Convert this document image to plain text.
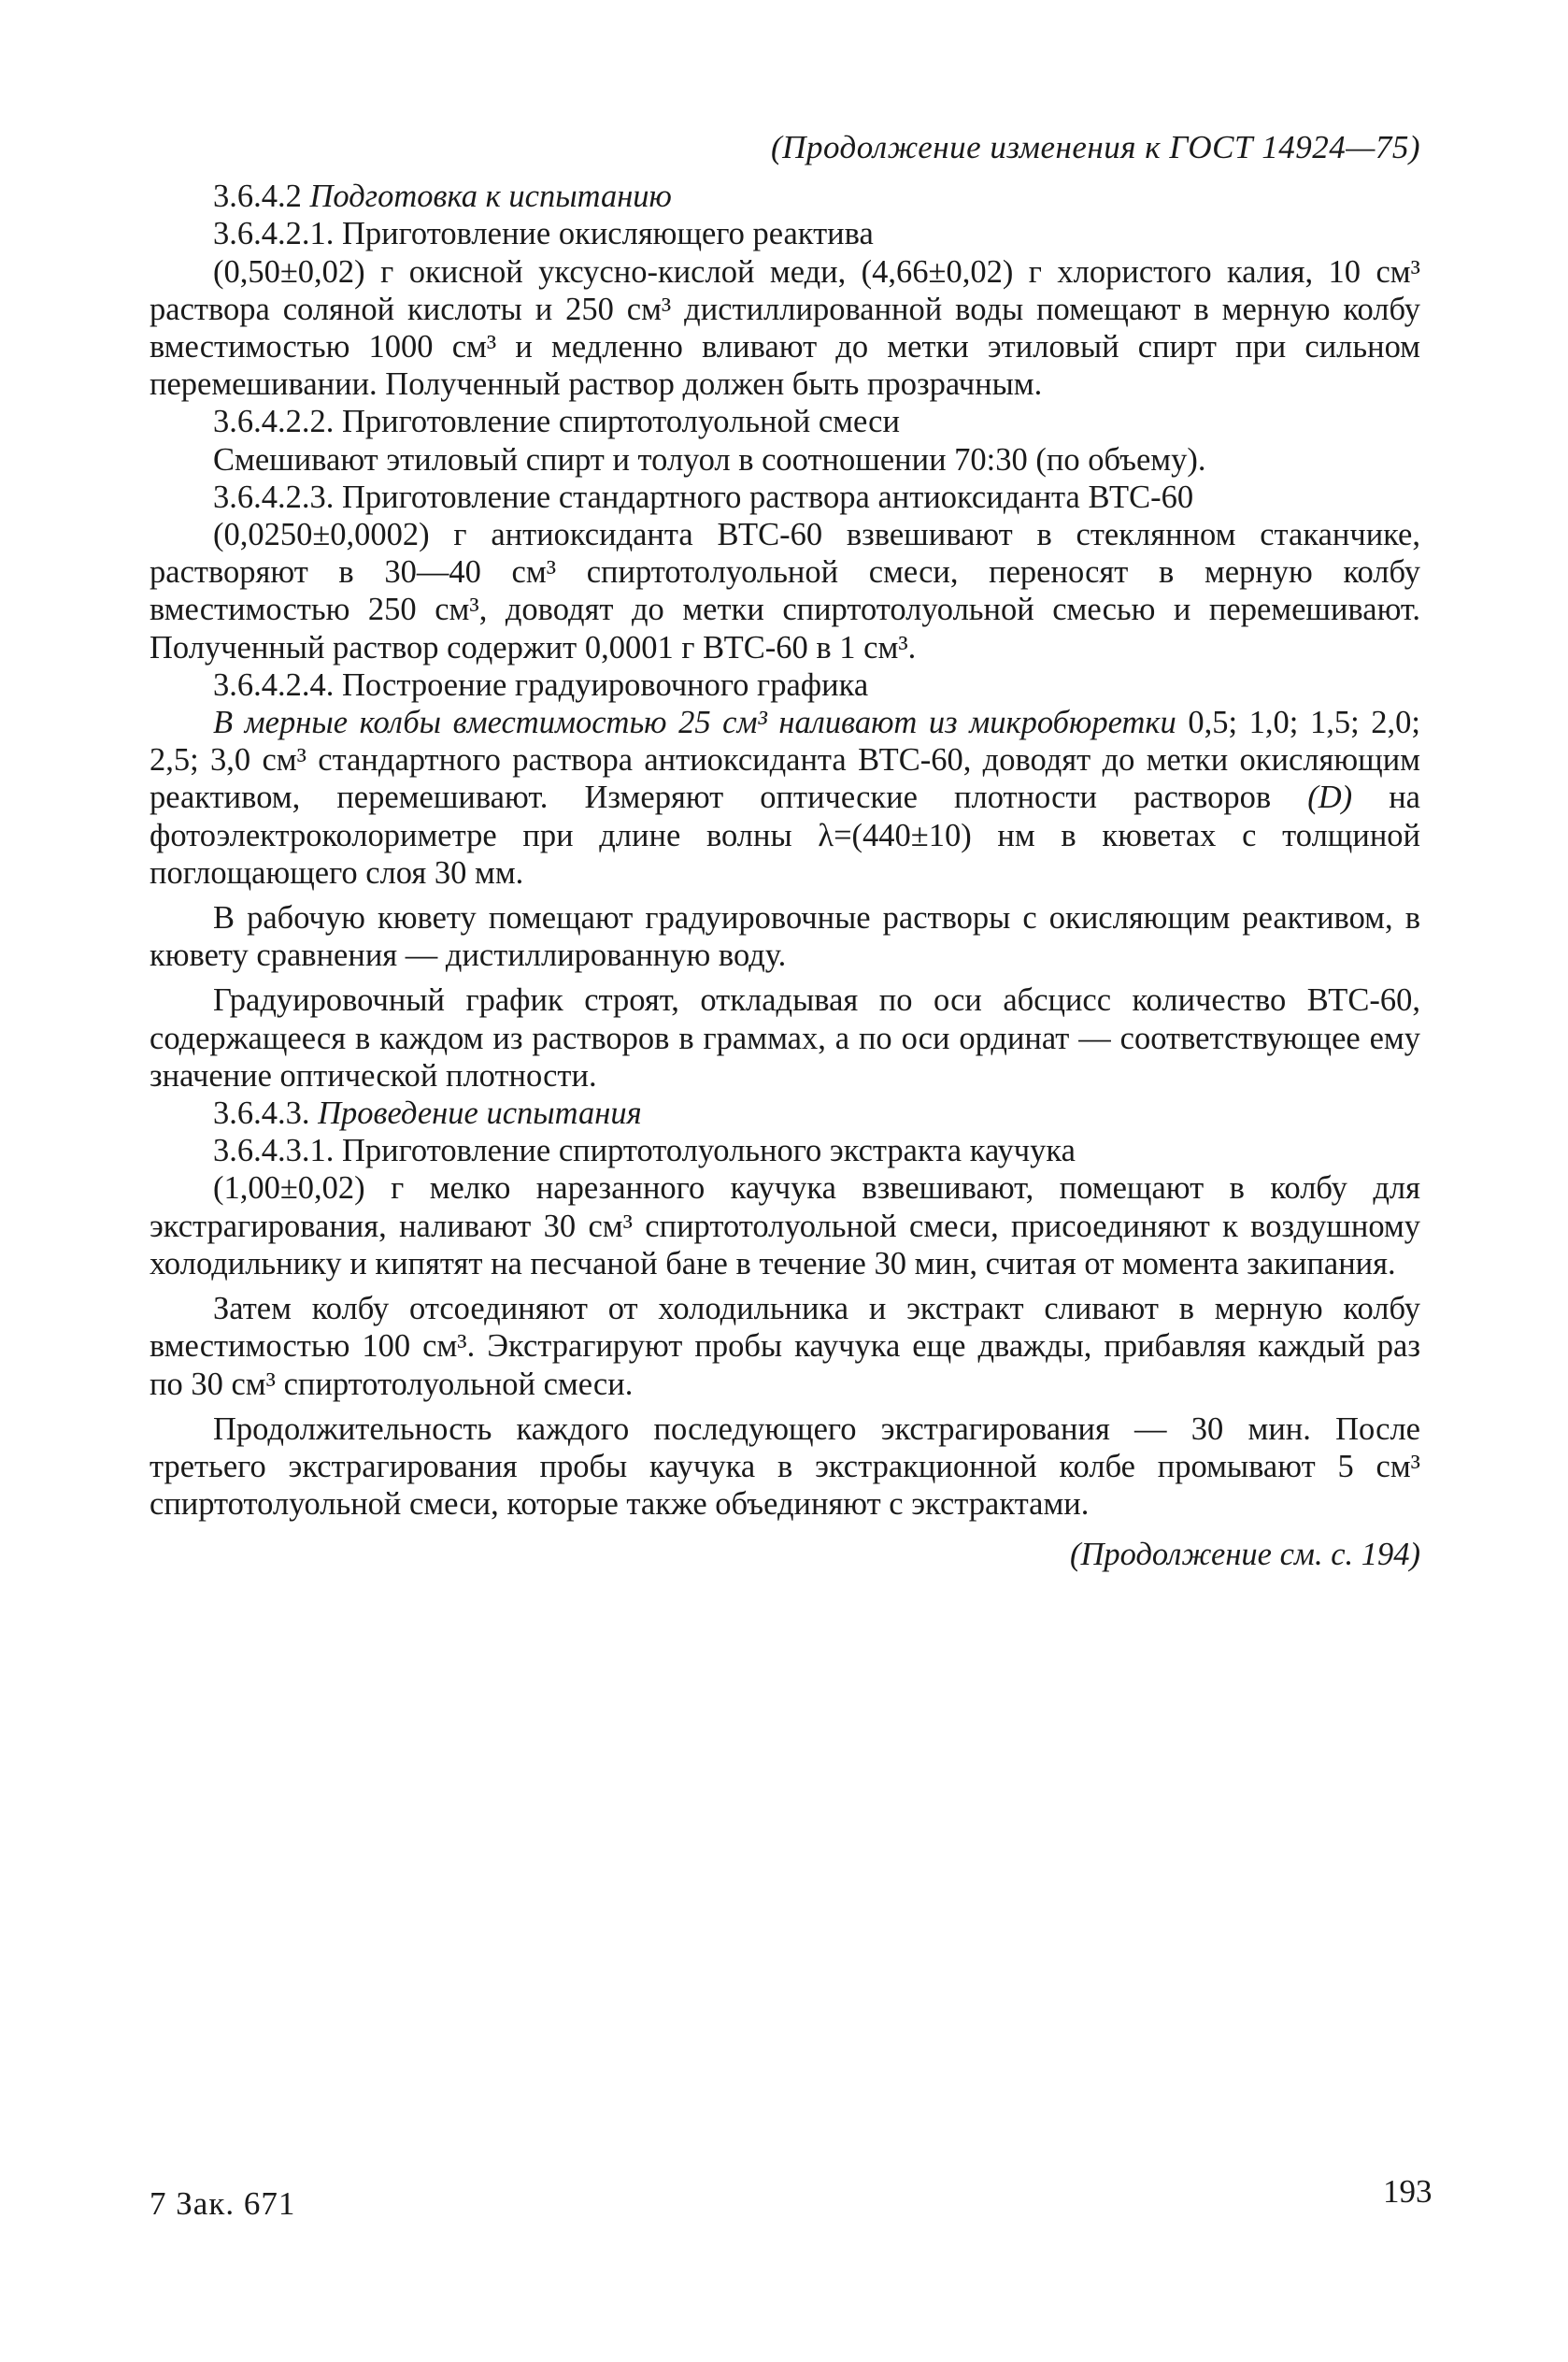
(Продолжение изменения к ГОСТ 14924—75)
3.6.4.2 Подготовка к испытанию
3.6.4.2.1. Приготовление окисляющего реактива

(0,50±0,02) г окисной уксусно-кислой меди, (4,66±0,02) г хлористого калия, 10 см³ раствора соляной кислоты и 250 см³ дистиллированной воды помещают в мерную колбу вместимостью 1000 см³ и медленно вливают до метки этиловый спирт при сильном перемешивании. Полученный раствор должен быть прозрачным.

3.6.4.2.2. Приготовление спиртотолуольной смеси

Смешивают этиловый спирт и толуол в соотношении 70:30 (по объему).

3.6.4.2.3. Приготовление стандартного раствора антиоксиданта ВТС-60

(0,0250±0,0002) г антиоксиданта ВТС-60 взвешивают в стеклянном стаканчике, растворяют в 30—40 см³ спиртотолуольной смеси, переносят в мерную колбу вместимостью 250 см³, доводят до метки спиртотолуольной смесью и перемешивают. Полученный раствор содержит 0,0001 г ВТС-60 в 1 см³.

3.6.4.2.4. Построение градуировочного графика

В мерные колбы вместимостью 25 см³ наливают из микробюретки 0,5; 1,0; 1,5; 2,0; 2,5; 3,0 см³ стандартного раствора антиоксиданта ВТС-60, доводят до метки окисляющим реактивом, перемешивают. Измеряют оптические плотности растворов (D) на фотоэлектроколориметре при длине волны λ=(440±10) нм в кюветах с толщиной поглощающего слоя 30 мм.

В рабочую кювету помещают градуировочные растворы с окисляющим реактивом, в кювету сравнения — дистиллированную воду.

Градуировочный график строят, откладывая по оси абсцисс количество ВТС-60, содержащееся в каждом из растворов в граммах, а по оси ординат — соответствующее ему значение оптической плотности.

3.6.4.3. Проведение испытания
3.6.4.3.1. Приготовление спиртотолуольного экстракта каучука

(1,00±0,02) г мелко нарезанного каучука взвешивают, помещают в колбу для экстрагирования, наливают 30 см³ спиртотолуольной смеси, присоединяют к воздушному холодильнику и кипятят на песчаной бане в течение 30 мин, считая от момента закипания.

Затем колбу отсоединяют от холодильника и экстракт сливают в мерную колбу вместимостью 100 см³. Экстрагируют пробы каучука еще дважды, прибавляя каждый раз по 30 см³ спиртотолуольной смеси.

Продолжительность каждого последующего экстрагирования — 30 мин. После третьего экстрагирования пробы каучука в экстракционной колбе промывают 5 см³ спиртотолуольной смеси, которые также объединяют с экстрактами.

(Продолжение см. с. 194)
7 Зак. 671	193
